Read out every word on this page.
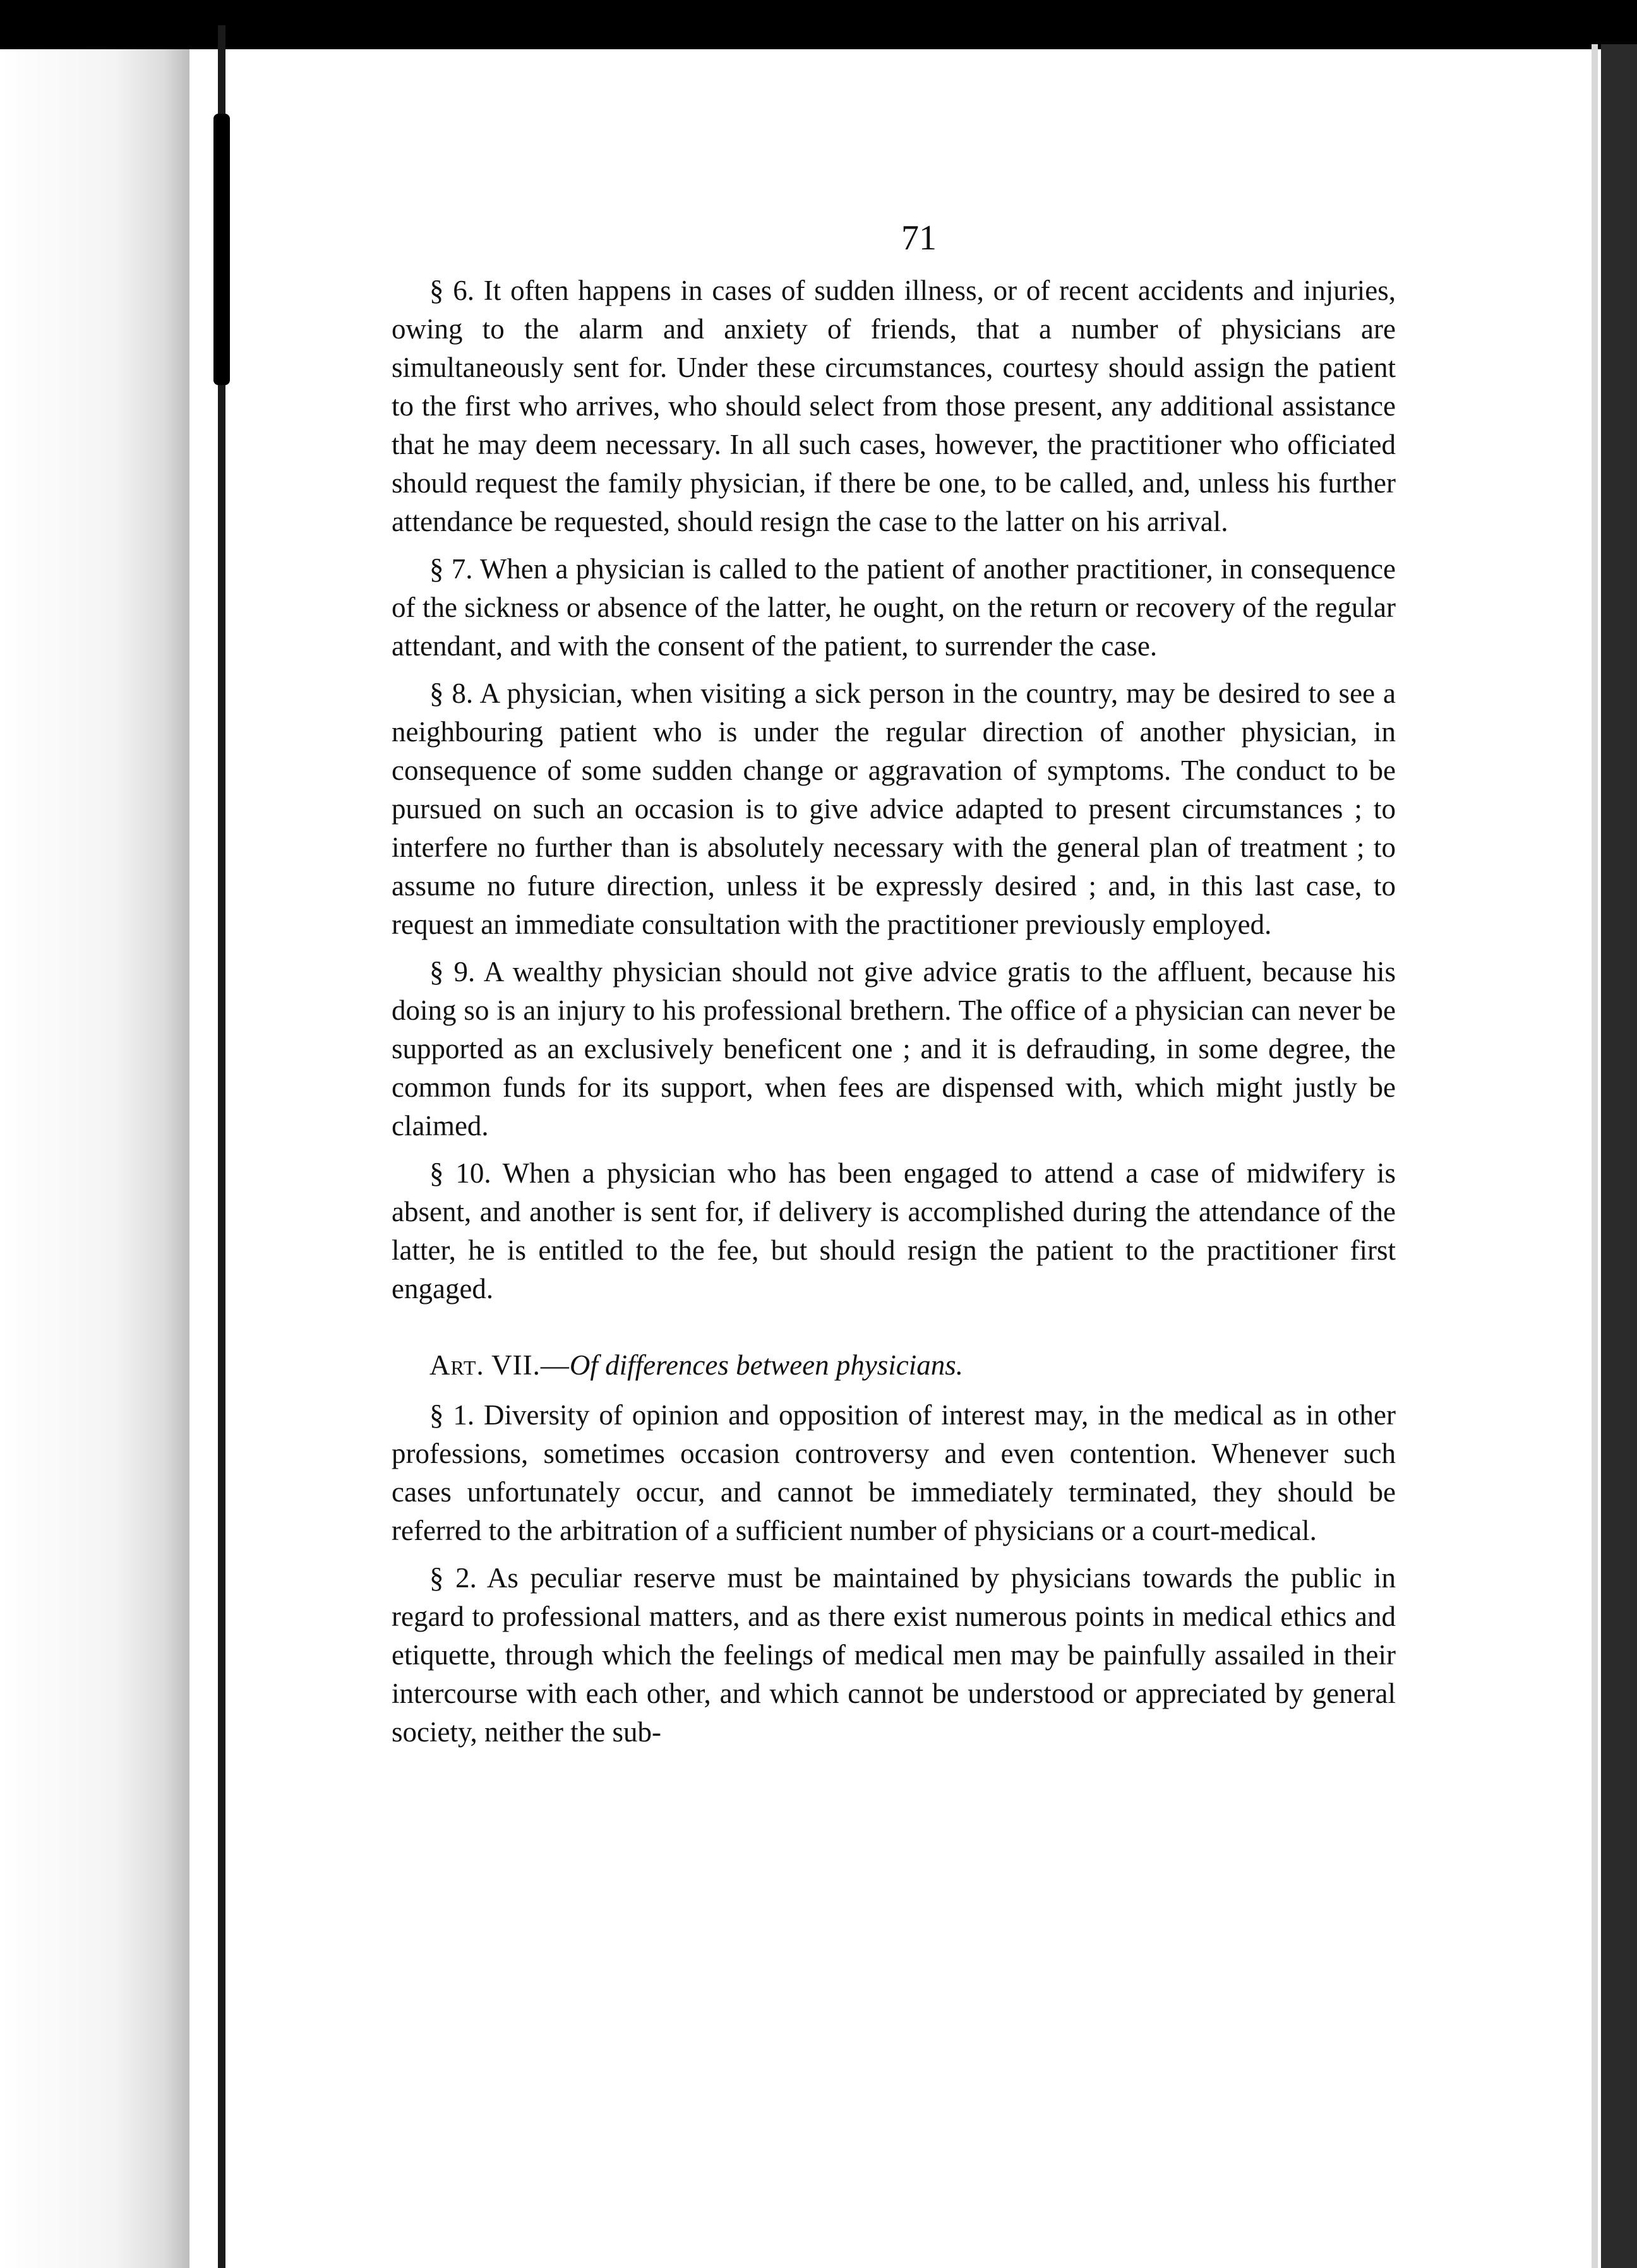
71

§ 6. It often happens in cases of sudden illness, or of recent accidents and injuries, owing to the alarm and anxiety of friends, that a number of physicians are simultaneously sent for. Under these circumstances, courtesy should assign the patient to the first who arrives, who should select from those present, any additional assistance that he may deem necessary. In all such cases, however, the practitioner who officiated should request the family physician, if there be one, to be called, and, unless his further attendance be requested, should resign the case to the latter on his arrival.

§ 7. When a physician is called to the patient of another practitioner, in consequence of the sickness or absence of the latter, he ought, on the return or recovery of the regular attendant, and with the consent of the patient, to surrender the case.

§ 8. A physician, when visiting a sick person in the country, may be desired to see a neighbouring patient who is under the regular direction of another physician, in consequence of some sudden change or aggravation of symptoms. The conduct to be pursued on such an occasion is to give advice adapted to present circumstances ; to interfere no further than is absolutely necessary with the general plan of treatment ; to assume no future direction, unless it be expressly desired ; and, in this last case, to request an immediate consultation with the practitioner previously employed.

§ 9. A wealthy physician should not give advice gratis to the affluent, because his doing so is an injury to his professional brethern. The office of a physician can never be supported as an exclusively beneficent one ; and it is defrauding, in some degree, the common funds for its support, when fees are dispensed with, which might justly be claimed.

§ 10. When a physician who has been engaged to attend a case of midwifery is absent, and another is sent for, if delivery is accomplished during the attendance of the latter, he is entitled to the fee, but should resign the patient to the practitioner first engaged.

Art. VII.—Of differences between physicians.

§ 1. Diversity of opinion and opposition of interest may, in the medical as in other professions, sometimes occasion controversy and even contention. Whenever such cases unfortunately occur, and cannot be immediately terminated, they should be referred to the arbitration of a sufficient number of physicians or a court-medical.

§ 2. As peculiar reserve must be maintained by physicians towards the public in regard to professional matters, and as there exist numerous points in medical ethics and etiquette, through which the feelings of medical men may be painfully assailed in their intercourse with each other, and which cannot be understood or appreciated by general society, neither the sub-
